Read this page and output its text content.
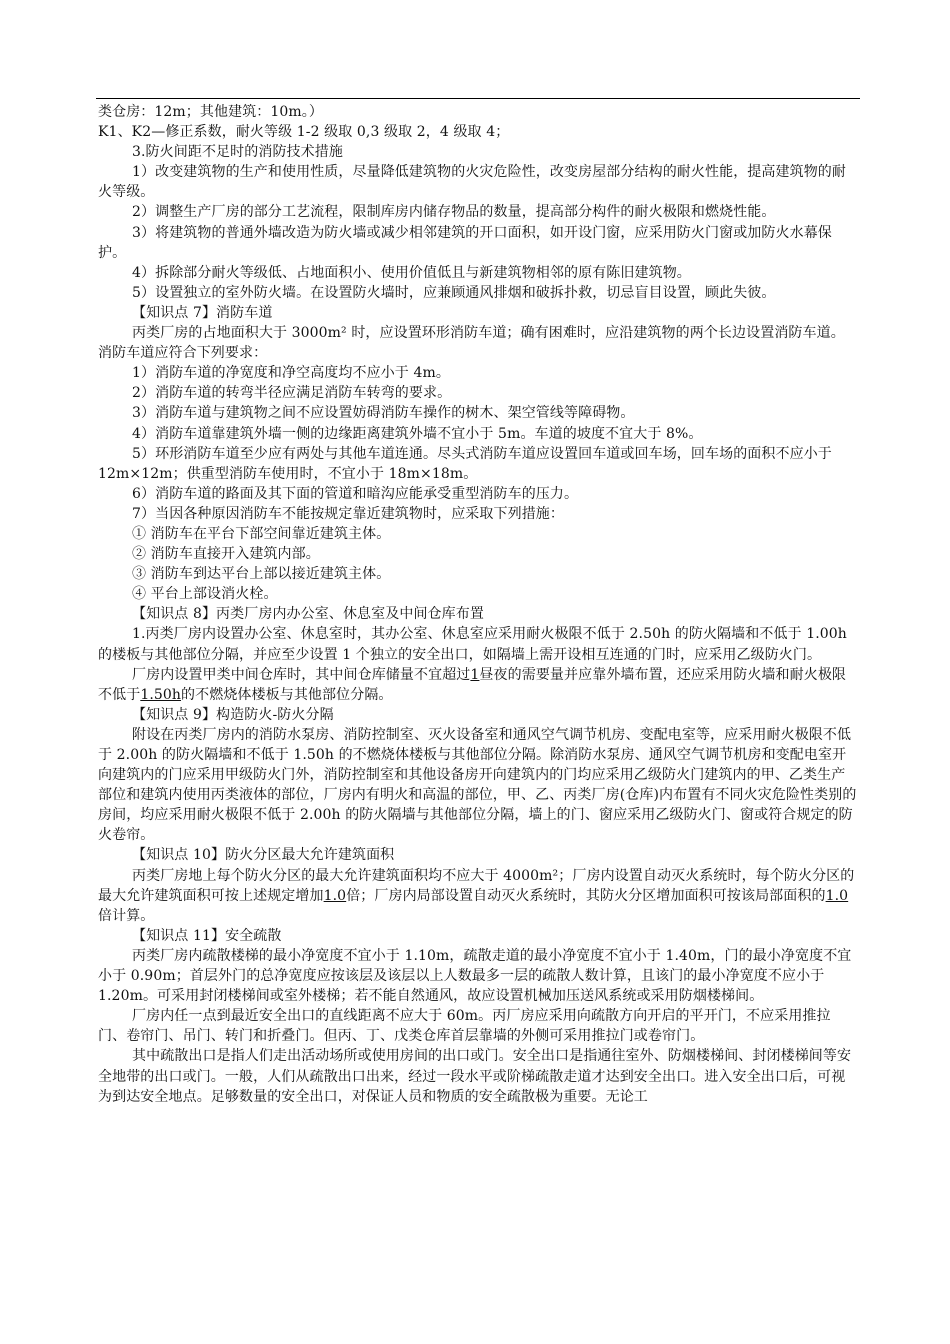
类仓房：12m；其他建筑：10m。）

K1、K2—修正系数，耐火等级 1-2 级取 0,3 级取 2，4 级取 4；

3.防火间距不足时的消防技术措施

1）改变建筑物的生产和使用性质，尽量降低建筑物的火灾危险性，改变房屋部分结构的耐火性能，提高建筑物的耐火等级。

2）调整生产厂房的部分工艺流程，限制库房内储存物品的数量，提高部分构件的耐火极限和燃烧性能。

3）将建筑物的普通外墙改造为防火墙或减少相邻建筑的开口面积，如开设门窗，应采用防火门窗或加防火水幕保护。

4）拆除部分耐火等级低、占地面积小、使用价值低且与新建筑物相邻的原有陈旧建筑物。

5）设置独立的室外防火墙。在设置防火墙时，应兼顾通风排烟和破拆扑救，切忌盲目设置，顾此失彼。

【知识点 7】消防车道

丙类厂房的占地面积大于 3000m² 时，应设置环形消防车道；确有困难时，应沿建筑物的两个长边设置消防车道。消防车道应符合下列要求：

1）消防车道的净宽度和净空高度均不应小于 4m。

2）消防车道的转弯半径应满足消防车转弯的要求。

3）消防车道与建筑物之间不应设置妨碍消防车操作的树木、架空管线等障碍物。

4）消防车道靠建筑外墙一侧的边缘距离建筑外墙不宜小于 5m。车道的坡度不宜大于 8%。

5）环形消防车道至少应有两处与其他车道连通。尽头式消防车道应设置回车道或回车场，回车场的面积不应小于 12m×12m；供重型消防车使用时，不宜小于 18m×18m。

6）消防车道的路面及其下面的管道和暗沟应能承受重型消防车的压力。

7）当因各种原因消防车不能按规定靠近建筑物时，应采取下列措施：

① 消防车在平台下部空间靠近建筑主体。

② 消防车直接开入建筑内部。

③ 消防车到达平台上部以接近建筑主体。

④ 平台上部设消火栓。

【知识点 8】丙类厂房内办公室、休息室及中间仓库布置

1.丙类厂房内设置办公室、休息室时，其办公室、休息室应采用耐火极限不低于 2.50h 的防火隔墙和不低于 1.00h 的楼板与其他部位分隔，并应至少设置 1 个独立的安全出口，如隔墙上需开设相互连通的门时，应采用乙级防火门。

厂房内设置甲类中间仓库时，其中间仓库储量不宜超过1昼夜的需要量并应靠外墙布置，还应采用防火墙和耐火极限不低于1.50h的不燃烧体楼板与其他部位分隔。

【知识点 9】构造防火-防火分隔

附设在丙类厂房内的消防水泵房、消防控制室、灭火设备室和通风空气调节机房、变配电室等，应采用耐火极限不低于 2.00h 的防火隔墙和不低于 1.50h 的不燃烧体楼板与其他部位分隔。除消防水泵房、通风空气调节机房和变配电室开向建筑内的门应采用甲级防火门外，消防控制室和其他设备房开向建筑内的门均应采用乙级防火门建筑内的甲、乙类生产部位和建筑内使用丙类液体的部位，厂房内有明火和高温的部位，甲、乙、丙类厂房(仓库)内布置有不同火灾危险性类别的房间，均应采用耐火极限不低于 2.00h 的防火隔墙与其他部位分隔，墙上的门、窗应采用乙级防火门、窗或符合规定的防火卷帘。

【知识点 10】防火分区最大允许建筑面积

丙类厂房地上每个防火分区的最大允许建筑面积均不应大于 4000m²；厂房内设置自动灭火系统时，每个防火分区的最大允许建筑面积可按上述规定增加1.0倍；厂房内局部设置自动灭火系统时，其防火分区增加面积可按该局部面积的1.0倍计算。

【知识点 11】安全疏散

丙类厂房内疏散楼梯的最小净宽度不宜小于 1.10m，疏散走道的最小净宽度不宜小于 1.40m，门的最小净宽度不宜小于 0.90m；首层外门的总净宽度应按该层及该层以上人数最多一层的疏散人数计算，且该门的最小净宽度不应小于 1.20m。可采用封闭楼梯间或室外楼梯；若不能自然通风，故应设置机械加压送风系统或采用防烟楼梯间。

厂房内任一点到最近安全出口的直线距离不应大于 60m。丙厂房应采用向疏散方向开启的平开门，不应采用推拉门、卷帘门、吊门、转门和折叠门。但丙、丁、戊类仓库首层靠墙的外侧可采用推拉门或卷帘门。

其中疏散出口是指人们走出活动场所或使用房间的出口或门。安全出口是指通往室外、防烟楼梯间、封闭楼梯间等安全地带的出口或门。一般，人们从疏散出口出来，经过一段水平或阶梯疏散走道才达到安全出口。进入安全出口后，可视为到达安全地点。足够数量的安全出口，对保证人员和物质的安全疏散极为重要。无论工
